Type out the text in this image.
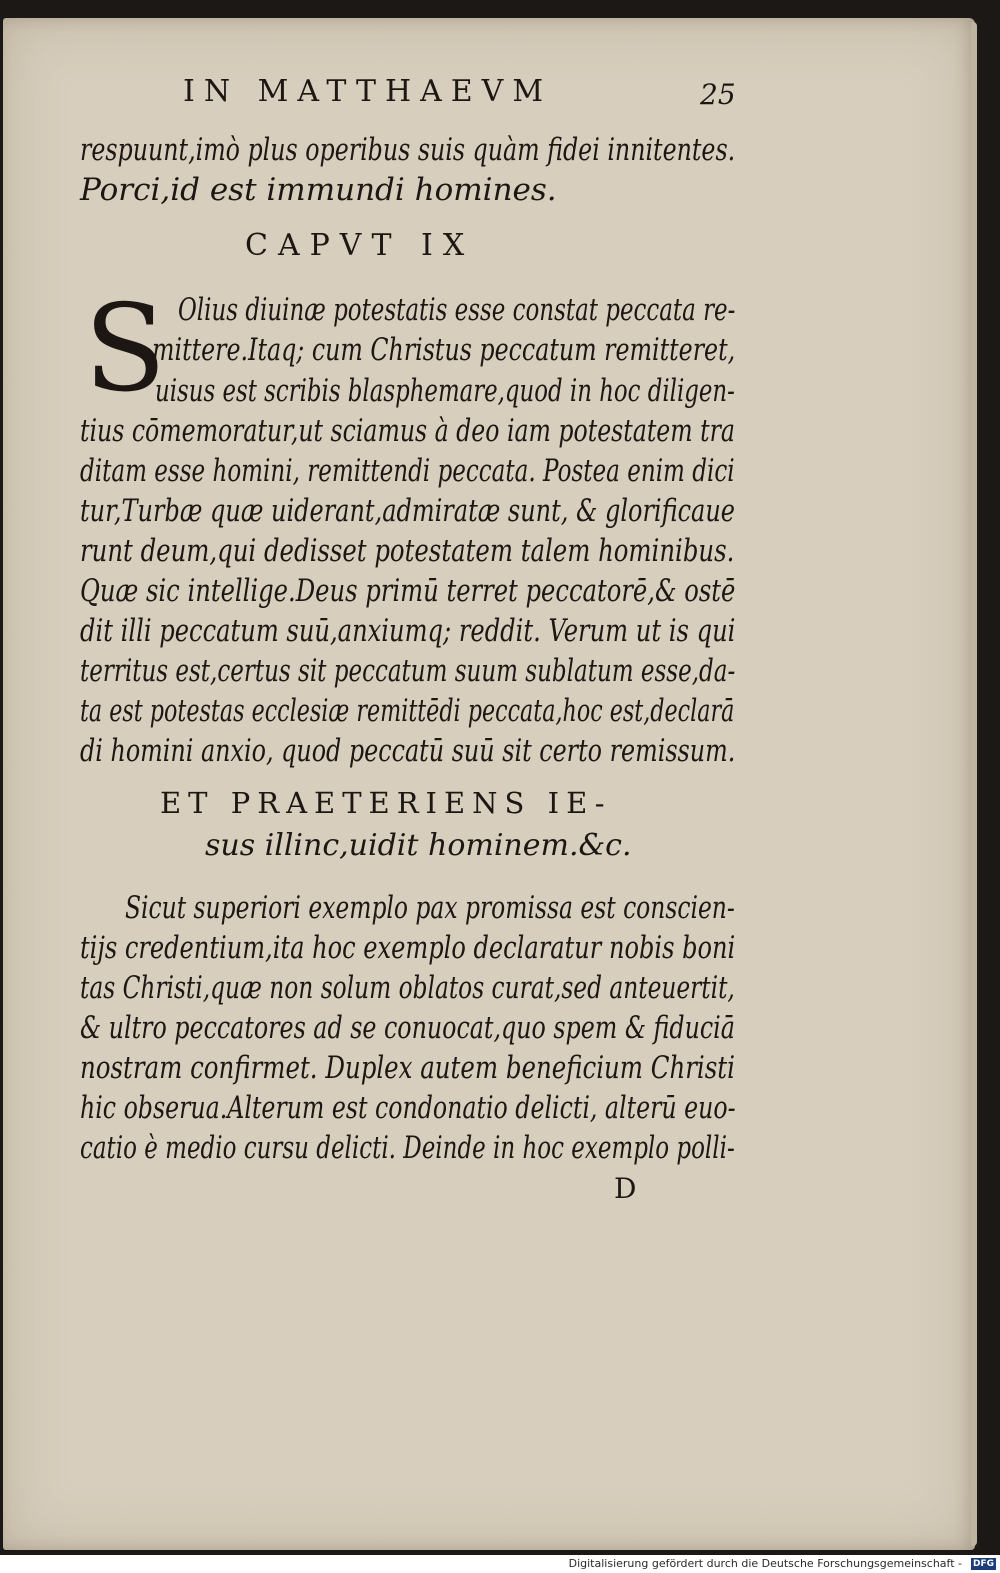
IN MATTHAEVM	25
respuunt,imò plus operibus suis quàm fidei innitentes.
Porci,id est immundi homines.
CAPVT IX
S Olius diuinæ potestatis esse constat peccata re-
mittere.Itaq; cum Christus peccatum remitteret,
uisus est scribis blasphemare,quod in hoc diligen-
tius cōmemoratur,ut sciamus à deo iam potestatem tra
ditam esse homini, remittendi peccata. Postea enim dici
tur,Turbæ quæ uiderant,admiratæ sunt, & glorificaue
runt deum,qui dedisset potestatem talem hominibus.
Quæ sic intellige.Deus primū terret peccatorē,& ostē
dit illi peccatum suū,anxiumq; reddit. Verum ut is qui
territus est,certus sit peccatum suum sublatum esse,da-
ta est potestas ecclesiæ remittēdi peccata,hoc est,declarā
di homini anxio, quod peccatū suū sit certo remissum.
ET PRAETERIENS IE-
sus illinc,uidit hominem.&c.
Sicut superiori exemplo pax promissa est conscien-
tijs credentium,ita hoc exemplo declaratur nobis boni
tas Christi,quæ non solum oblatos curat,sed anteuertit,
& ultro peccatores ad se conuocat,quo spem & fiduciā
nostram confirmet. Duplex autem beneficium Christi
hic obserua.Alterum est condonatio delicti, alterū euo-
catio è medio cursu delicti. Deinde in hoc exemplo polli-
D
Digitalisierung gefördert durch die Deutsche Forschungsgemeinschaft - DFG
